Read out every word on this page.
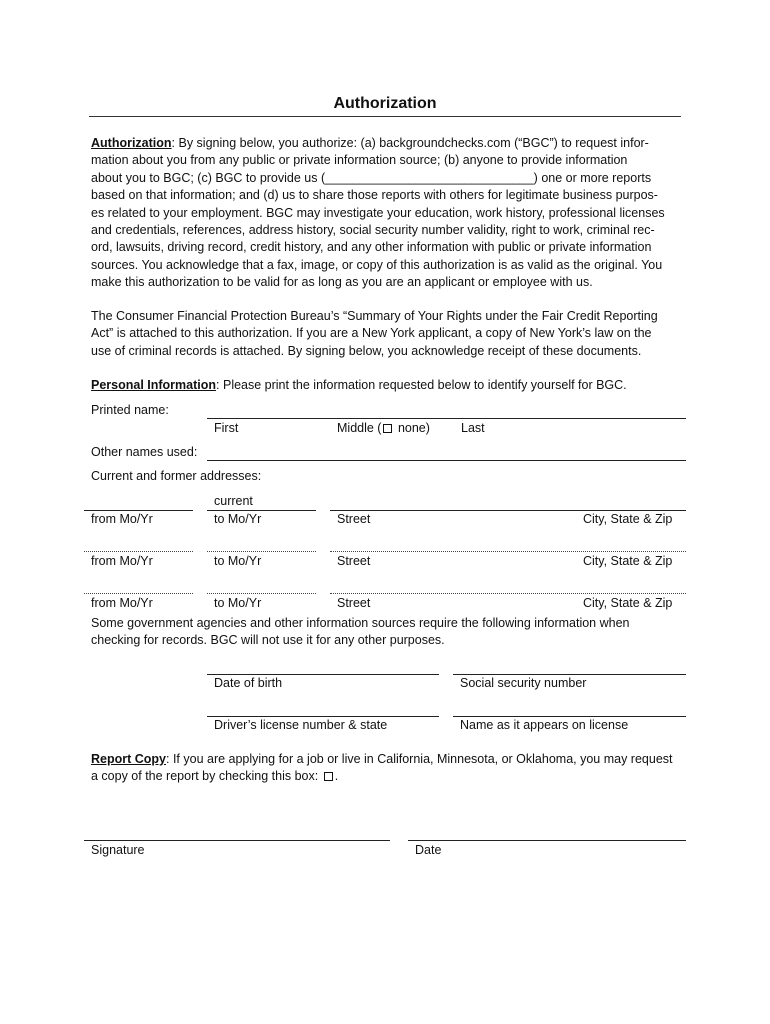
Authorization
Authorization: By signing below, you authorize: (a) backgroundchecks.com (“BGC”) to request infor-
mation about you from any public or private information source; (b) anyone to provide information
about you to BGC; (c) BGC to provide us (______________________________) one or more reports
based on that information; and (d) us to share those reports with others for legitimate business purpos-
es related to your employment. BGC may investigate your education, work history, professional licenses
and credentials, references, address history, social security number validity, right to work, criminal rec-
ord, lawsuits, driving record, credit history, and any other information with public or private information
sources. You acknowledge that a fax, image, or copy of this authorization is as valid as the original. You
make this authorization to be valid for as long as you are an applicant or employee with us.
The Consumer Financial Protection Bureau’s “Summary of Your Rights under the Fair Credit Reporting
Act” is attached to this authorization. If you are a New York applicant, a copy of New York’s law on the
use of criminal records is attached. By signing below, you acknowledge receipt of these documents.
Personal Information: Please print the information requested below to identify yourself for BGC.
Printed name:
First	Middle ( none) Last
Other names used:
Current and former addresses:
current
from Mo/Yr	to Mo/Yr	Street	City, State & Zip
from Mo/Yr	to Mo/Yr	Street	City, State & Zip
from Mo/Yr	to Mo/Yr	Street	City, State & Zip
Some government agencies and other information sources require the following information when
checking for records. BGC will not use it for any other purposes.
Date of birth	Social security number
Driver’s license number & state	Name as it appears on license
Report Copy: If you are applying for a job or live in California, Minnesota, or Oklahoma, you may request
a copy of the report by checking this box: .
Signature	Date
